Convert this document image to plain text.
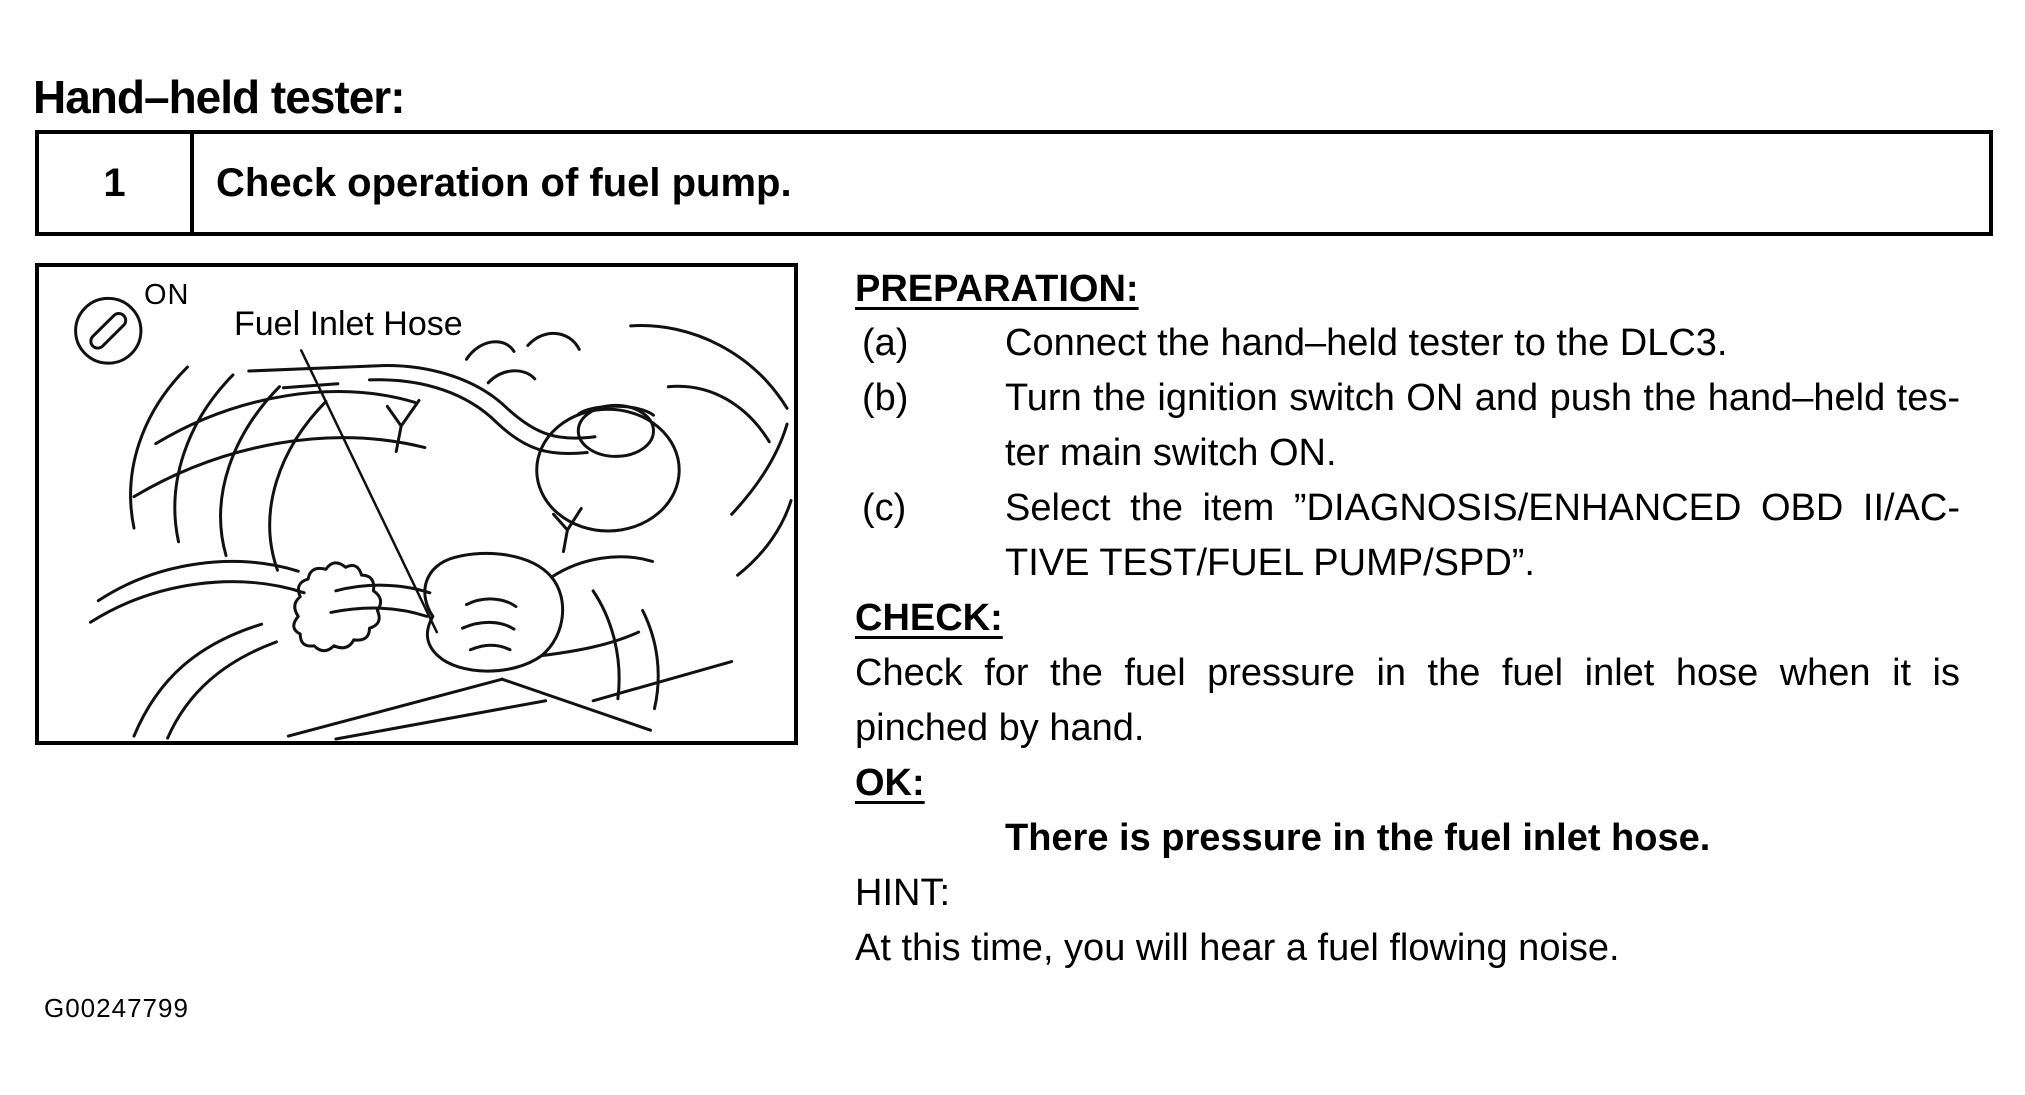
Hand–held tester:
1	Check operation of fuel pump.
ON
Fuel Inlet Hose
PREPARATION:
(a)	Connect the hand–held tester to the DLC3.
(b)	Turn the ignition switch ON and push the hand–held tes-
ter main switch ON.
(c)	Select the item ”DIAGNOSIS/ENHANCED OBD II/AC-
TIVE TEST/FUEL PUMP/SPD”.
CHECK:
Check for the fuel pressure in the fuel inlet hose when it is
pinched by hand.
OK:
There is pressure in the fuel inlet hose.
HINT:
At this time, you will hear a fuel flowing noise.
G00247799
